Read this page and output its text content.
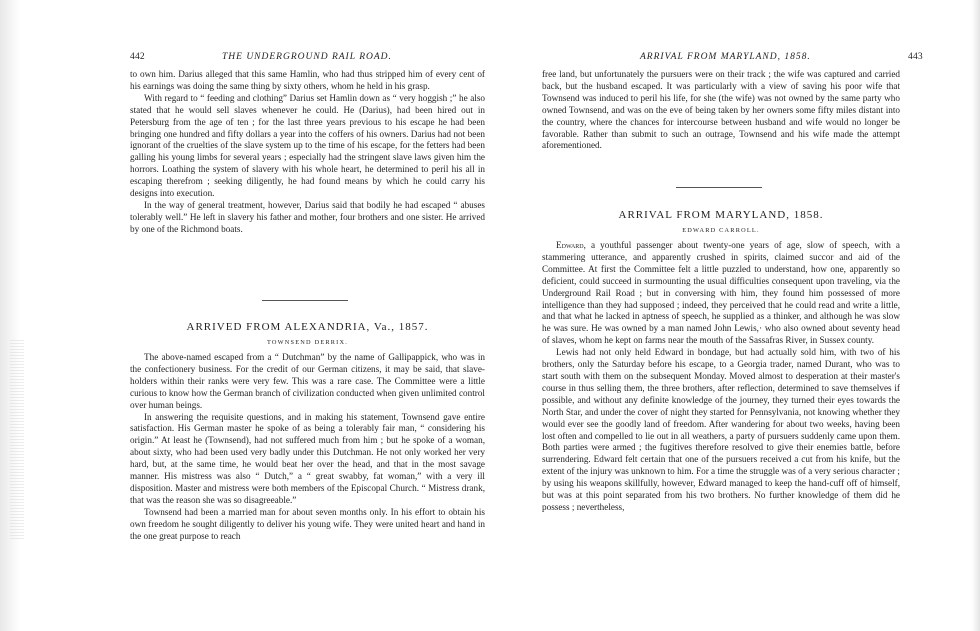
442	THE UNDERGROUND RAIL ROAD.

to own him. Darius alleged that this same Hamlin, who had thus stripped him of every cent of his earnings was doing the same thing by sixty others, whom he held in his grasp.

With regard to “ feeding and clothing” Darius set Hamlin down as “ very hoggish ;” he also stated that he would sell slaves whenever he could. He (Darius), had been hired out in Petersburg from the age of ten ; for the last three years previous to his escape he had been bringing one hundred and fifty dollars a year into the coffers of his owners. Darius had not been ignorant of the cruelties of the slave system up to the time of his escape, for the fetters had been galling his young limbs for several years ; especially had the stringent slave laws given him the horrors. Loathing the system of slavery with his whole heart, he determined to peril his all in escaping therefrom ; seeking diligently, he had found means by which he could carry his designs into execution.

In the way of general treatment, however, Darius said that bodily he had escaped “ abuses tolerably well.” He left in slavery his father and mother, four brothers and one sister. He arrived by one of the Richmond boats.

ARRIVED FROM ALEXANDRIA, Va., 1857.
TOWNSEND DERRIX.

The above-named escaped from a “ Dutchman” by the name of Gallipappick, who was in the confectionery business. For the credit of our German citizens, it may be said, that slave-holders within their ranks were very few. This was a rare case. The Committee were a little curious to know how the German branch of civilization conducted when given unlimited control over human beings.

In answering the requisite questions, and in making his statement, Townsend gave entire satisfaction. His German master he spoke of as being a tolerably fair man, “ considering his origin.” At least he (Townsend), had not suffered much from him ; but he spoke of a woman, about sixty, who had been used very badly under this Dutchman. He not only worked her very hard, but, at the same time, he would beat her over the head, and that in the most savage manner. His mistress was also “ Dutch,” a “ great swabby, fat woman,” with a very ill disposition. Master and mistress were both members of the Episcopal Church. “ Mistress drank, that was the reason she was so disagreeable.”

Townsend had been a married man for about seven months only. In his effort to obtain his own freedom he sought diligently to deliver his young wife. They were united heart and hand in the one great purpose to reach

ARRIVAL FROM MARYLAND, 1858.	443

free land, but unfortunately the pursuers were on their track ; the wife was captured and carried back, but the husband escaped. It was particularly with a view of saving his poor wife that Townsend was induced to peril his life, for she (the wife) was not owned by the same party who owned Townsend, and was on the eve of being taken by her owners some fifty miles distant into the country, where the chances for intercourse between husband and wife would no longer be favorable. Rather than submit to such an outrage, Townsend and his wife made the attempt aforementioned.

ARRIVAL FROM MARYLAND, 1858.
EDWARD CARROLL.

Edward, a youthful passenger about twenty-one years of age, slow of speech, with a stammering utterance, and apparently crushed in spirits, claimed succor and aid of the Committee. At first the Committee felt a little puzzled to understand, how one, apparently so deficient, could succeed in surmounting the usual difficulties consequent upon traveling, via the Underground Rail Road ; but in conversing with him, they found him possessed of more intelligence than they had supposed ; indeed, they perceived that he could read and write a little, and that what he lacked in aptness of speech, he supplied as a thinker, and although he was slow he was sure. He was owned by a man named John Lewis,· who also owned about seventy head of slaves, whom he kept on farms near the mouth of the Sassafras River, in Sussex county.

Lewis had not only held Edward in bondage, but had actually sold him, with two of his brothers, only the Saturday before his escape, to a Georgia trader, named Durant, who was to start south with them on the subsequent Monday. Moved almost to desperation at their master's course in thus selling them, the three brothers, after reflection, determined to save themselves if possible, and without any definite knowledge of the journey, they turned their eyes towards the North Star, and under the cover of night they started for Pennsylvania, not knowing whether they would ever see the goodly land of freedom. After wandering for about two weeks, having been lost often and compelled to lie out in all weathers, a party of pursuers suddenly came upon them. Both parties were armed ; the fugitives therefore resolved to give their enemies battle, before surrendering. Edward felt certain that one of the pursuers received a cut from his knife, but the extent of the injury was unknown to him. For a time the struggle was of a very serious character ; by using his weapons skillfully, however, Edward managed to keep the hand-cuff off of himself, but was at this point separated from his two brothers. No further knowledge of them did he possess ; nevertheless,
